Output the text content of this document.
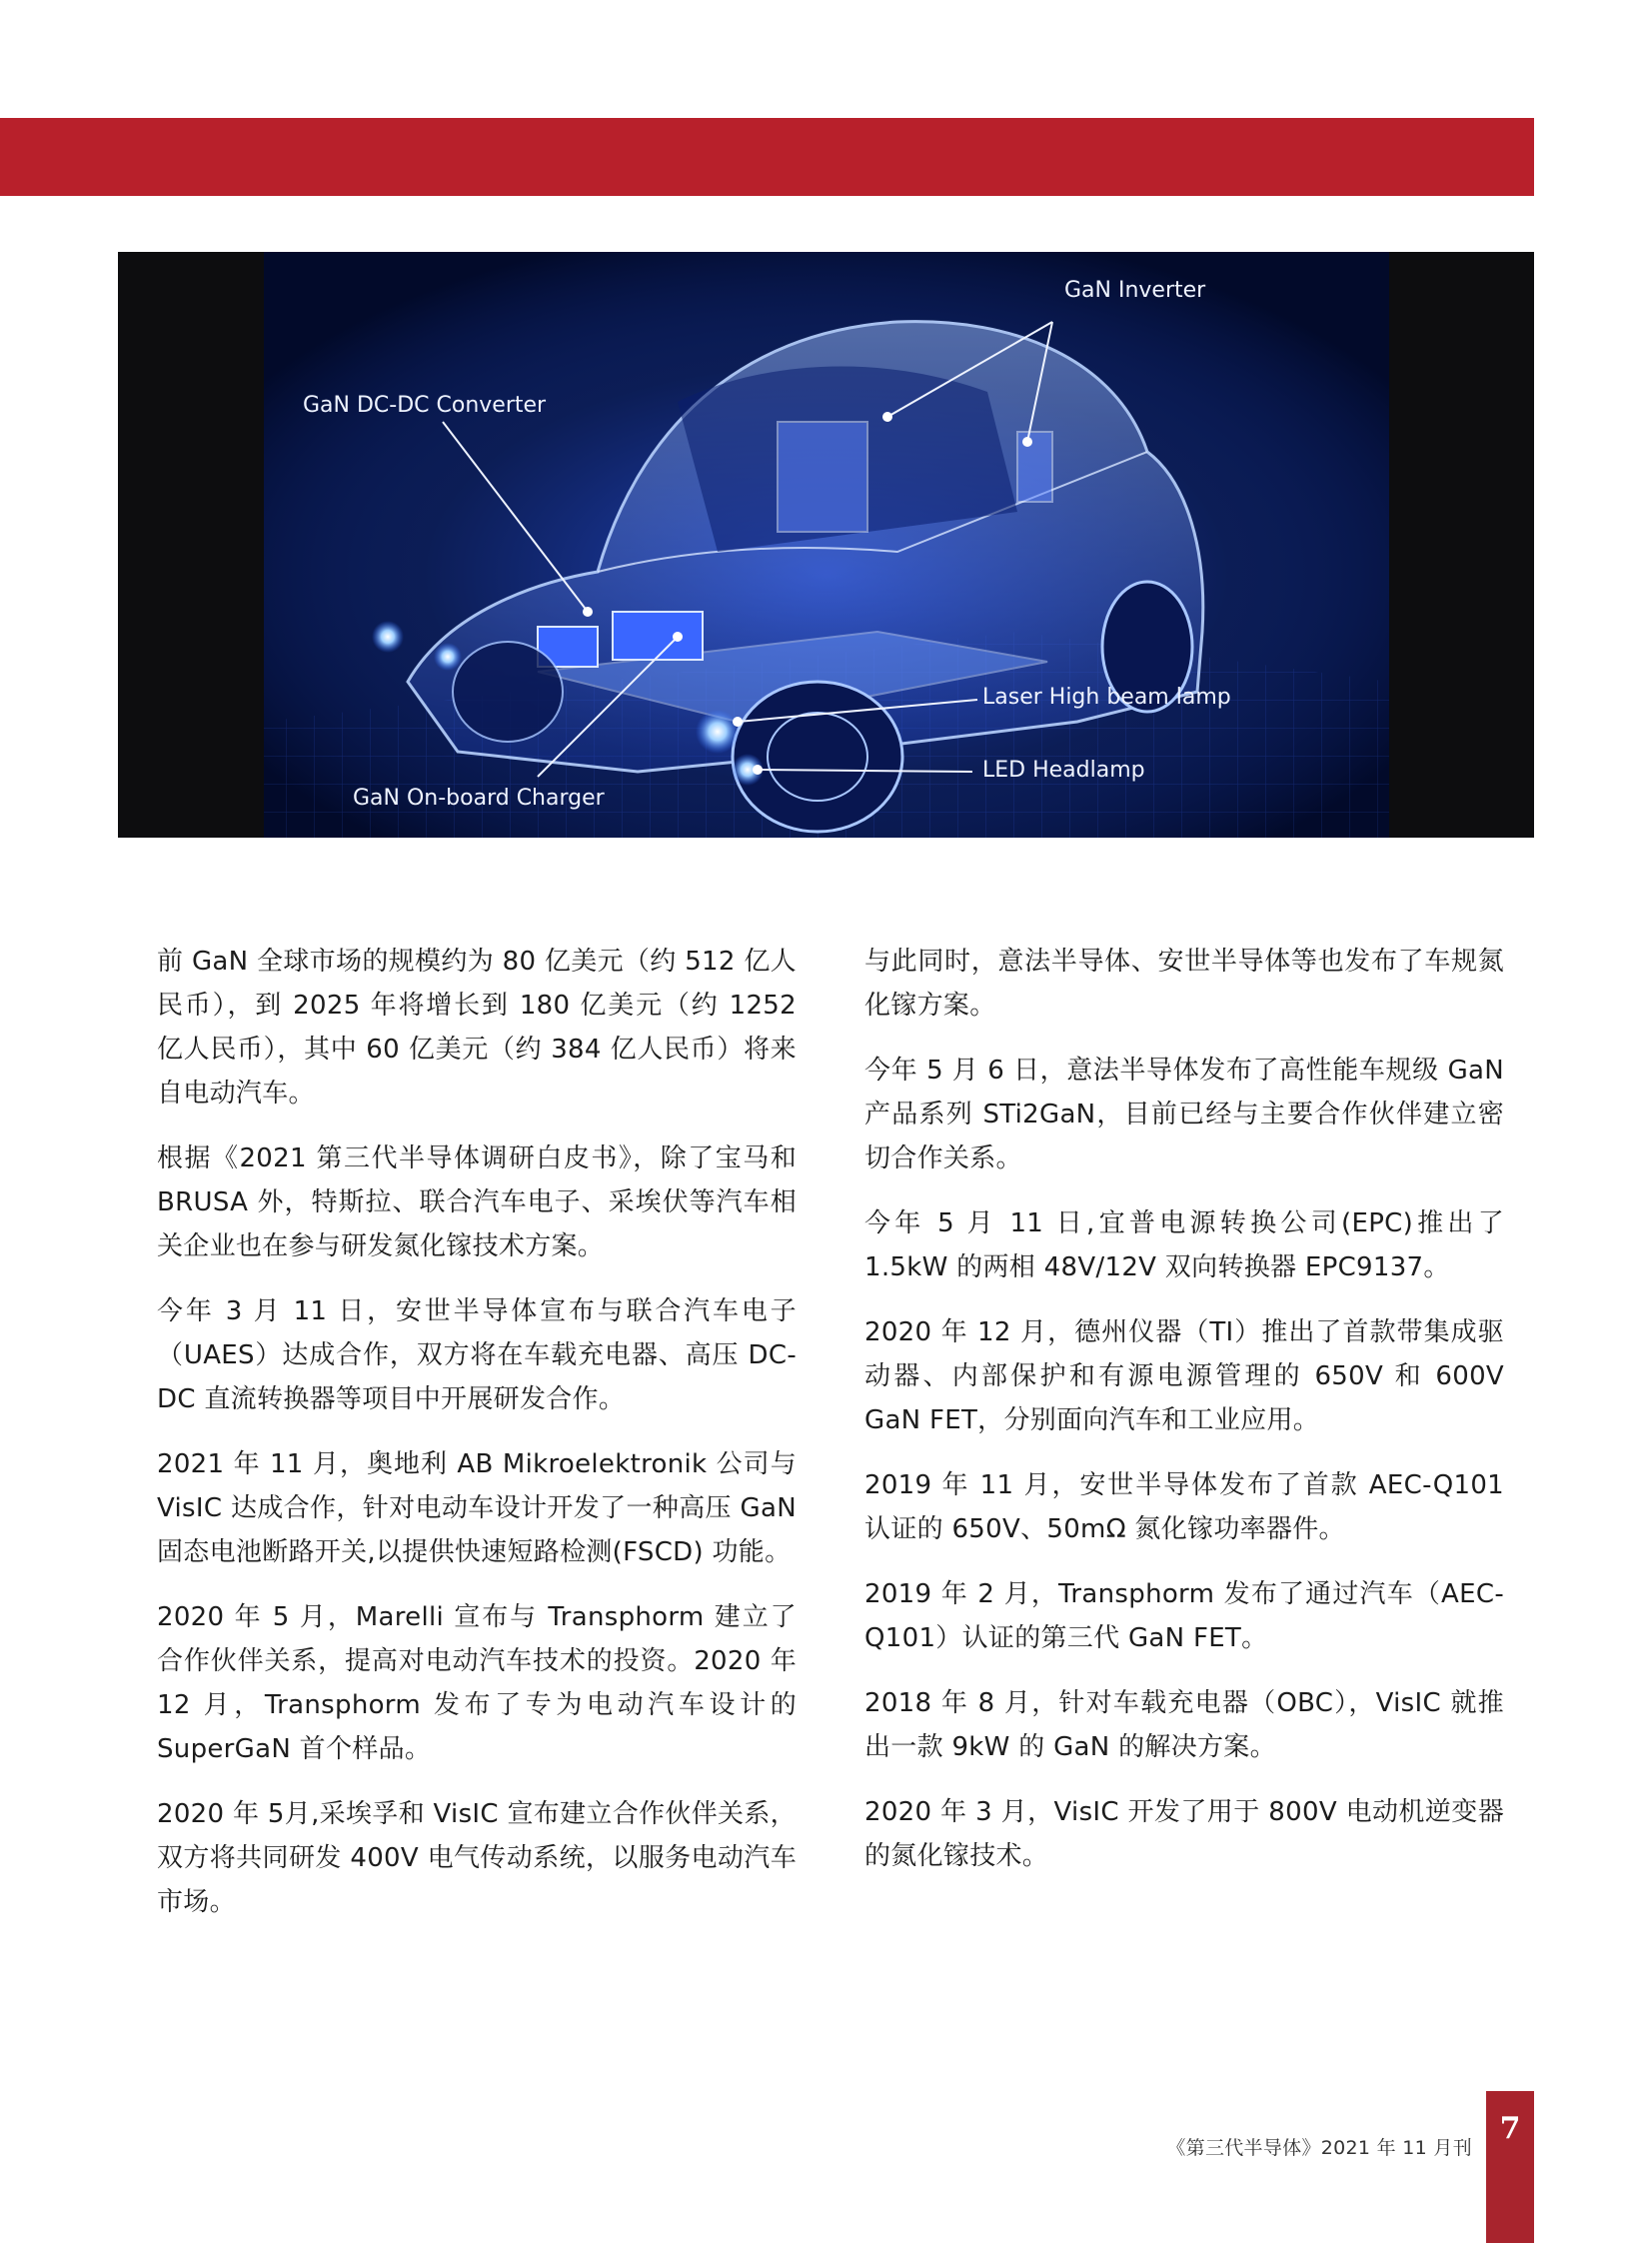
GaN Inverter
GaN DC-DC Converter
Laser High beam lamp
LED Headlamp
GaN On-board Charger

前 GaN 全球市场的规模约为 80 亿美元（约 512 亿人民币），到 2025 年将增长到 180 亿美元（约 1252 亿人民币），其中 60 亿美元（约 384 亿人民币）将来自电动汽车。

根据《2021 第三代半导体调研白皮书》，除了宝马和 BRUSA 外，特斯拉、联合汽车电子、采埃伏等汽车相关企业也在参与研发氮化镓技术方案。

今年 3 月 11 日，安世半导体宣布与联合汽车电子（UAES）达成合作，双方将在车载充电器、高压 DC-DC 直流转换器等项目中开展研发合作。

2021 年 11 月，奥地利 AB Mikroelektronik 公司与 VisIC 达成合作，针对电动车设计开发了一种高压 GaN 固态电池断路开关,以提供快速短路检测(FSCD) 功能。

2020 年 5 月，Marelli 宣布与 Transphorm 建立了合作伙伴关系，提高对电动汽车技术的投资。2020 年 12 月，Transphorm 发布了专为电动汽车设计的 SuperGaN 首个样品。

2020 年 5月,采埃孚和 VisIC 宣布建立合作伙伴关系，双方将共同研发 400V 电气传动系统，以服务电动汽车市场。

与此同时，意法半导体、安世半导体等也发布了车规氮化镓方案。

今年 5 月 6 日，意法半导体发布了高性能车规级 GaN 产品系列 STi2GaN，目前已经与主要合作伙伴建立密切合作关系。

今年 5 月 11 日,宜普电源转换公司(EPC)推出了 1.5kW 的两相 48V/12V 双向转换器 EPC9137。

2020 年 12 月，德州仪器（TI）推出了首款带集成驱动器、内部保护和有源电源管理的 650V 和 600V GaN FET，分别面向汽车和工业应用。

2019 年 11 月，安世半导体发布了首款 AEC-Q101 认证的 650V、50mΩ 氮化镓功率器件。

2019 年 2 月，Transphorm 发布了通过汽车（AEC-Q101）认证的第三代 GaN FET。

2018 年 8 月，针对车载充电器（OBC），VisIC 就推出一款 9kW 的 GaN 的解决方案。

2020 年 3 月，VisIC 开发了用于 800V 电动机逆变器的氮化镓技术。

《第三代半导体》2021 年 11 月刊
7
